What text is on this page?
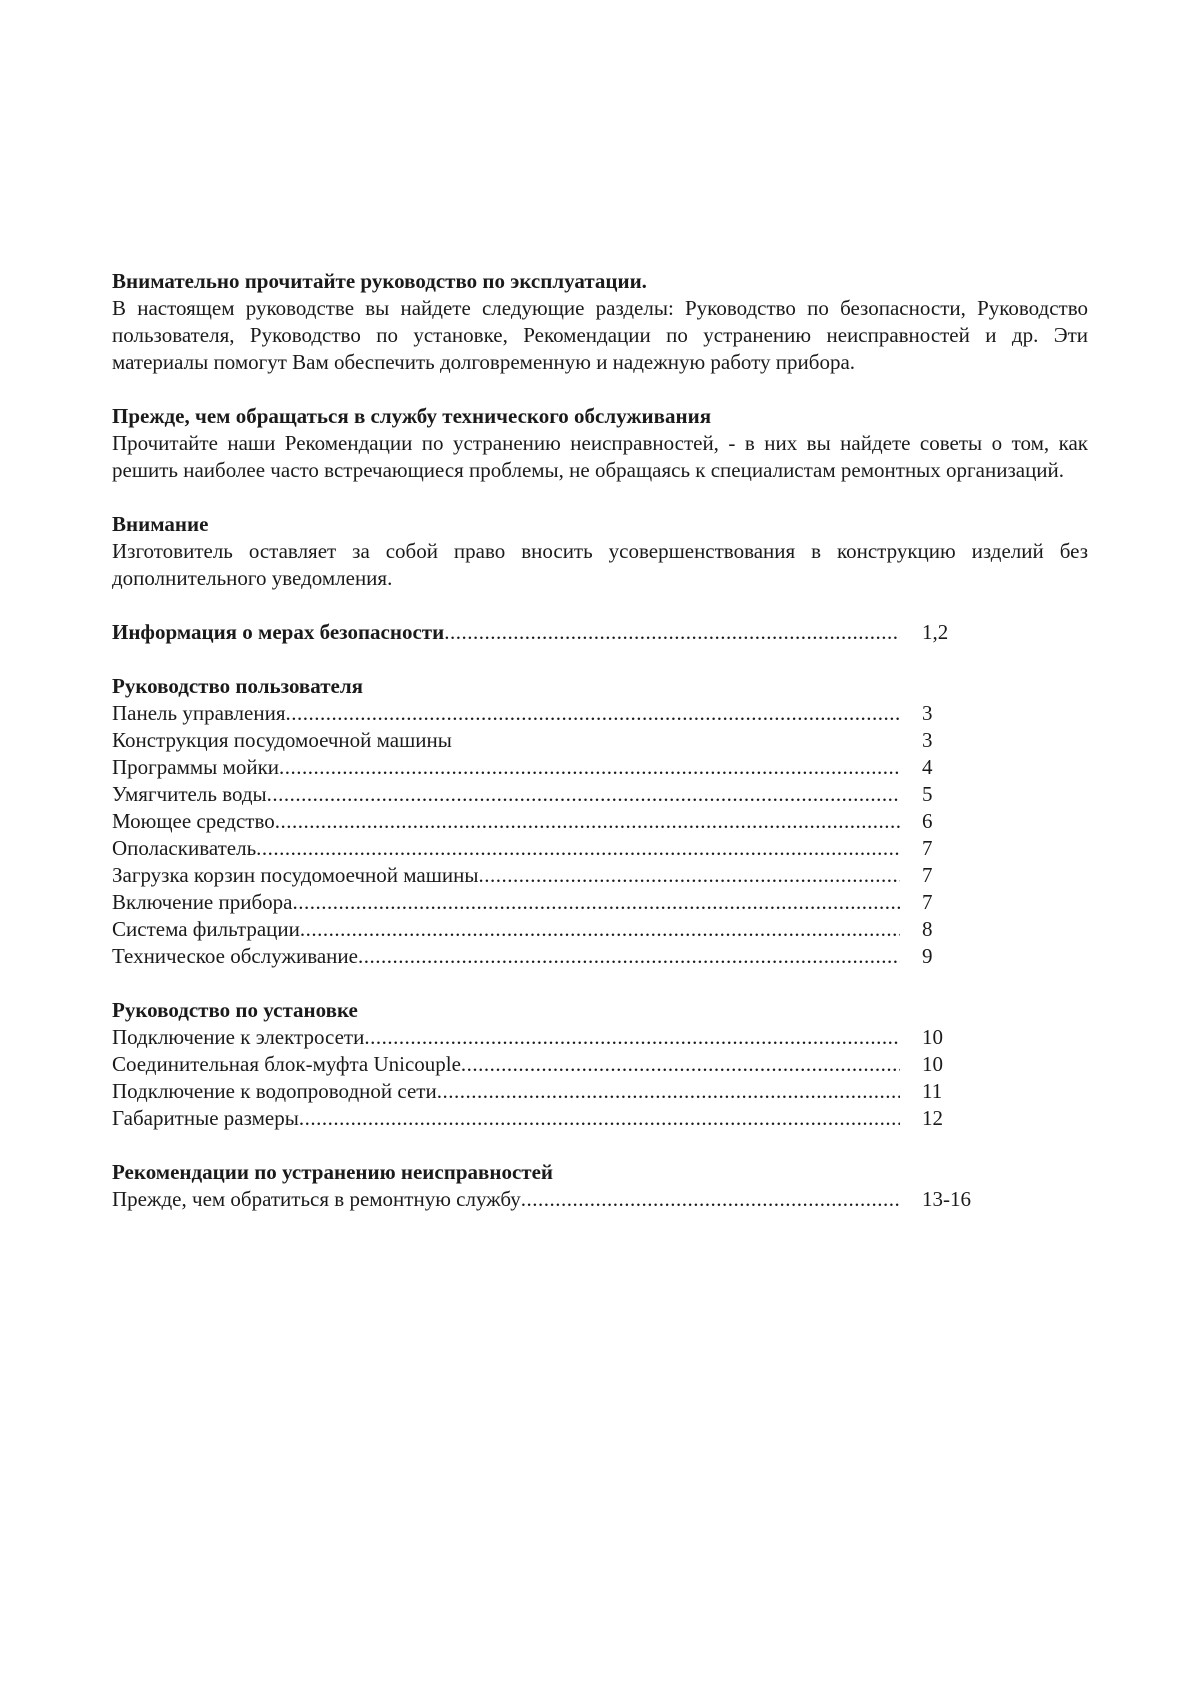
Внимательно прочитайте руководство по эксплуатации.

В настоящем руководстве вы найдете следующие разделы: Руководство по безопасности, Руководство пользователя, Руководство по установке, Рекомендации по устранению неисправностей и др. Эти материалы помогут Вам обеспечить долговременную и надежную работу прибора.

Прежде, чем обращаться в службу технического обслуживания

Прочитайте наши Рекомендации по устранению неисправностей, - в них вы найдете советы о том, как решить наиболее часто встречающиеся проблемы, не обращаясь к специалистам ремонтных организаций.

Внимание

Изготовитель оставляет за собой право вносить усовершенствования в конструкцию изделий без дополнительного уведомления.

Информация о мерах безопасности .....	1,2

Руководство пользователя

Панель управления .....	3
Конструкция посудомоечной машины	3
Программы мойки .....	4
Умягчитель воды .....	5
Моющее средство .....	6
Ополаскиватель .....	7
Загрузка корзин посудомоечной машины .....	7
Включение прибора .....	7
Система фильтрации .....	8
Техническое обслуживание .....	9

Руководство по установке

Подключение к электросети .....	10
Соединительная блок-муфта Unicouple .....	10
Подключение к водопроводной сети .....	11
Габаритные размеры .....	12

Рекомендации по устранению неисправностей

Прежде, чем обратиться в ремонтную службу .....	13-16
